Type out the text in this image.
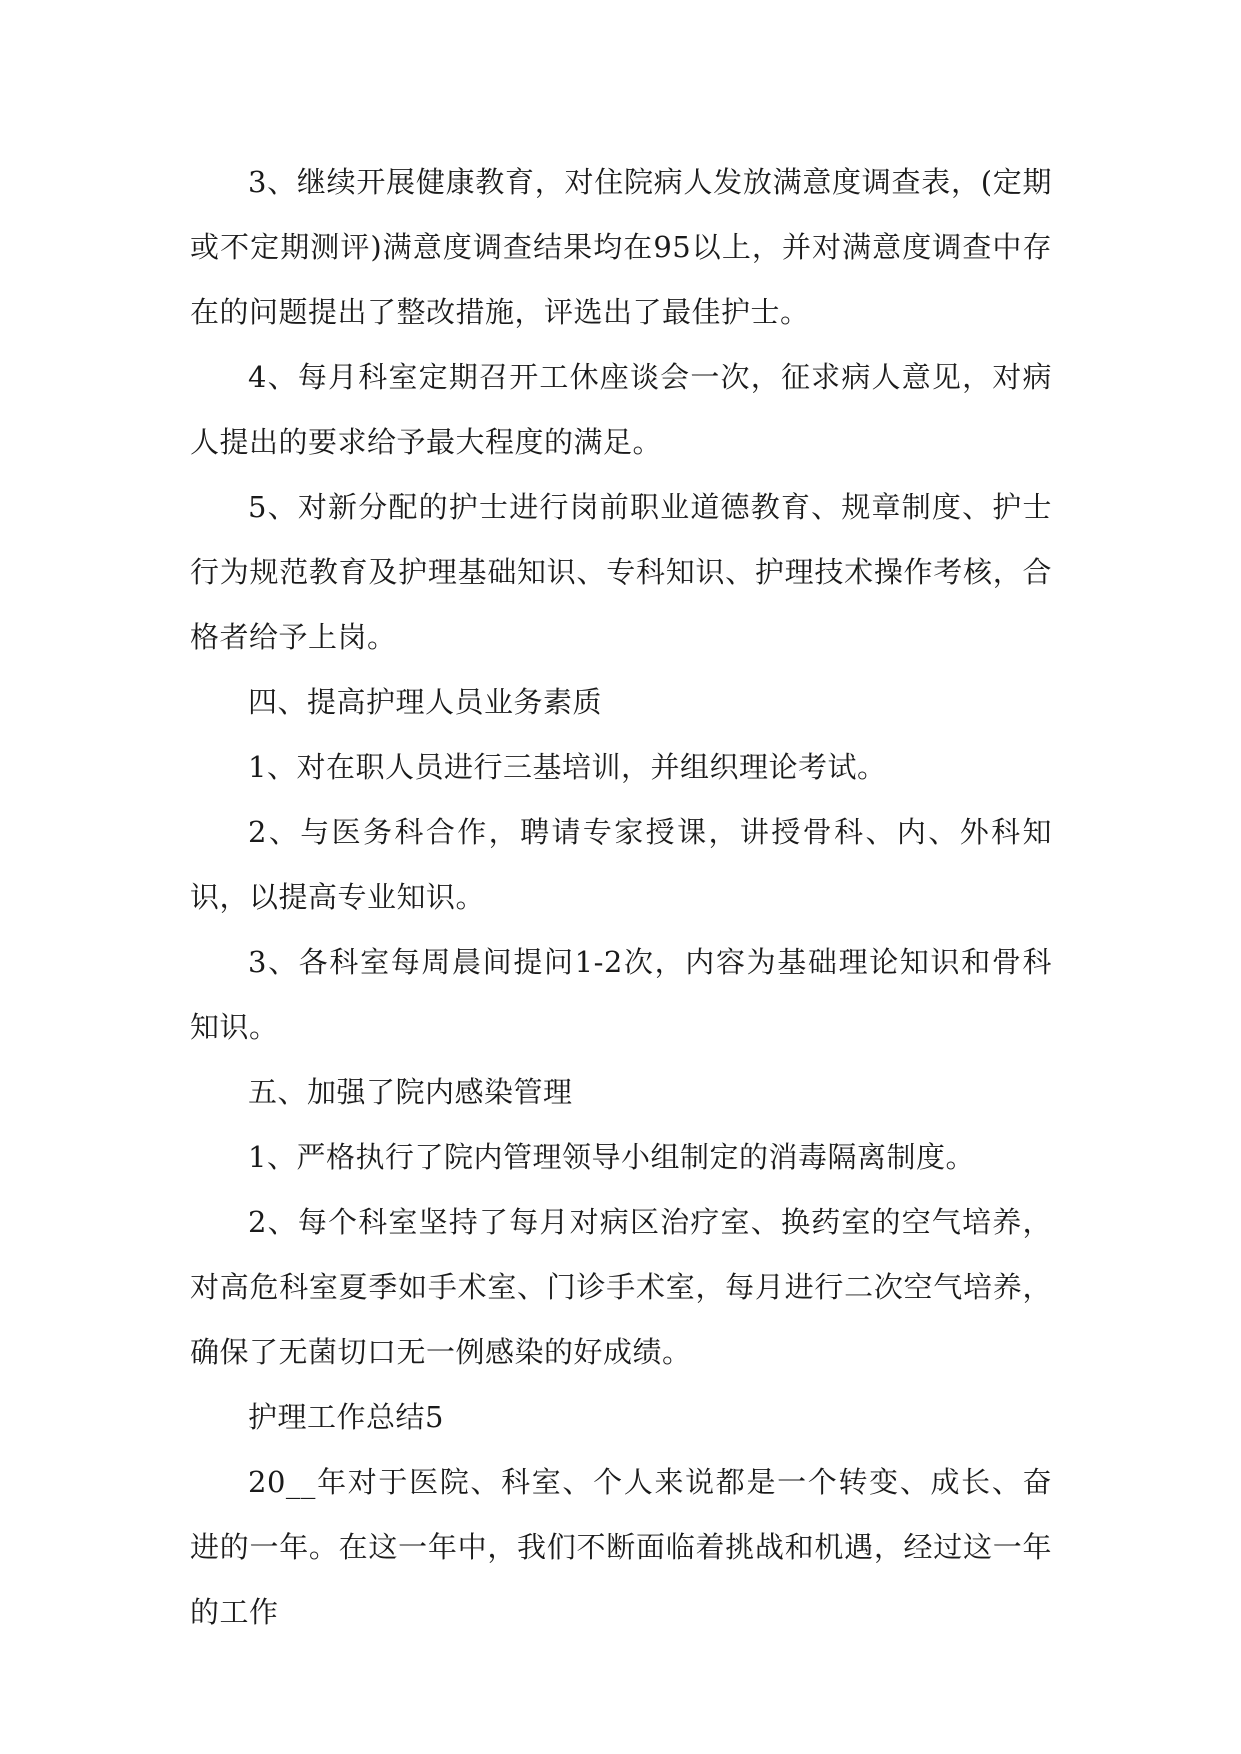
3、继续开展健康教育，对住院病人发放满意度调查表，(定期或不定期测评)满意度调查结果均在95以上，并对满意度调查中存在的问题提出了整改措施，评选出了最佳护士。

4、每月科室定期召开工休座谈会一次，征求病人意见，对病人提出的要求给予最大程度的满足。

5、对新分配的护士进行岗前职业道德教育、规章制度、护士行为规范教育及护理基础知识、专科知识、护理技术操作考核，合格者给予上岗。

四、提高护理人员业务素质

1、对在职人员进行三基培训，并组织理论考试。

2、与医务科合作，聘请专家授课，讲授骨科、内、外科知识，以提高专业知识。

3、各科室每周晨间提问1-2次，内容为基础理论知识和骨科知识。

五、加强了院内感染管理

1、严格执行了院内管理领导小组制定的消毒隔离制度。

2、每个科室坚持了每月对病区治疗室、换药室的空气培养，对高危科室夏季如手术室、门诊手术室，每月进行二次空气培养，确保了无菌切口无一例感染的好成绩。

护理工作总结5

20__年对于医院、科室、个人来说都是一个转变、成长、奋进的一年。在这一年中，我们不断面临着挑战和机遇，经过这一年的工作
